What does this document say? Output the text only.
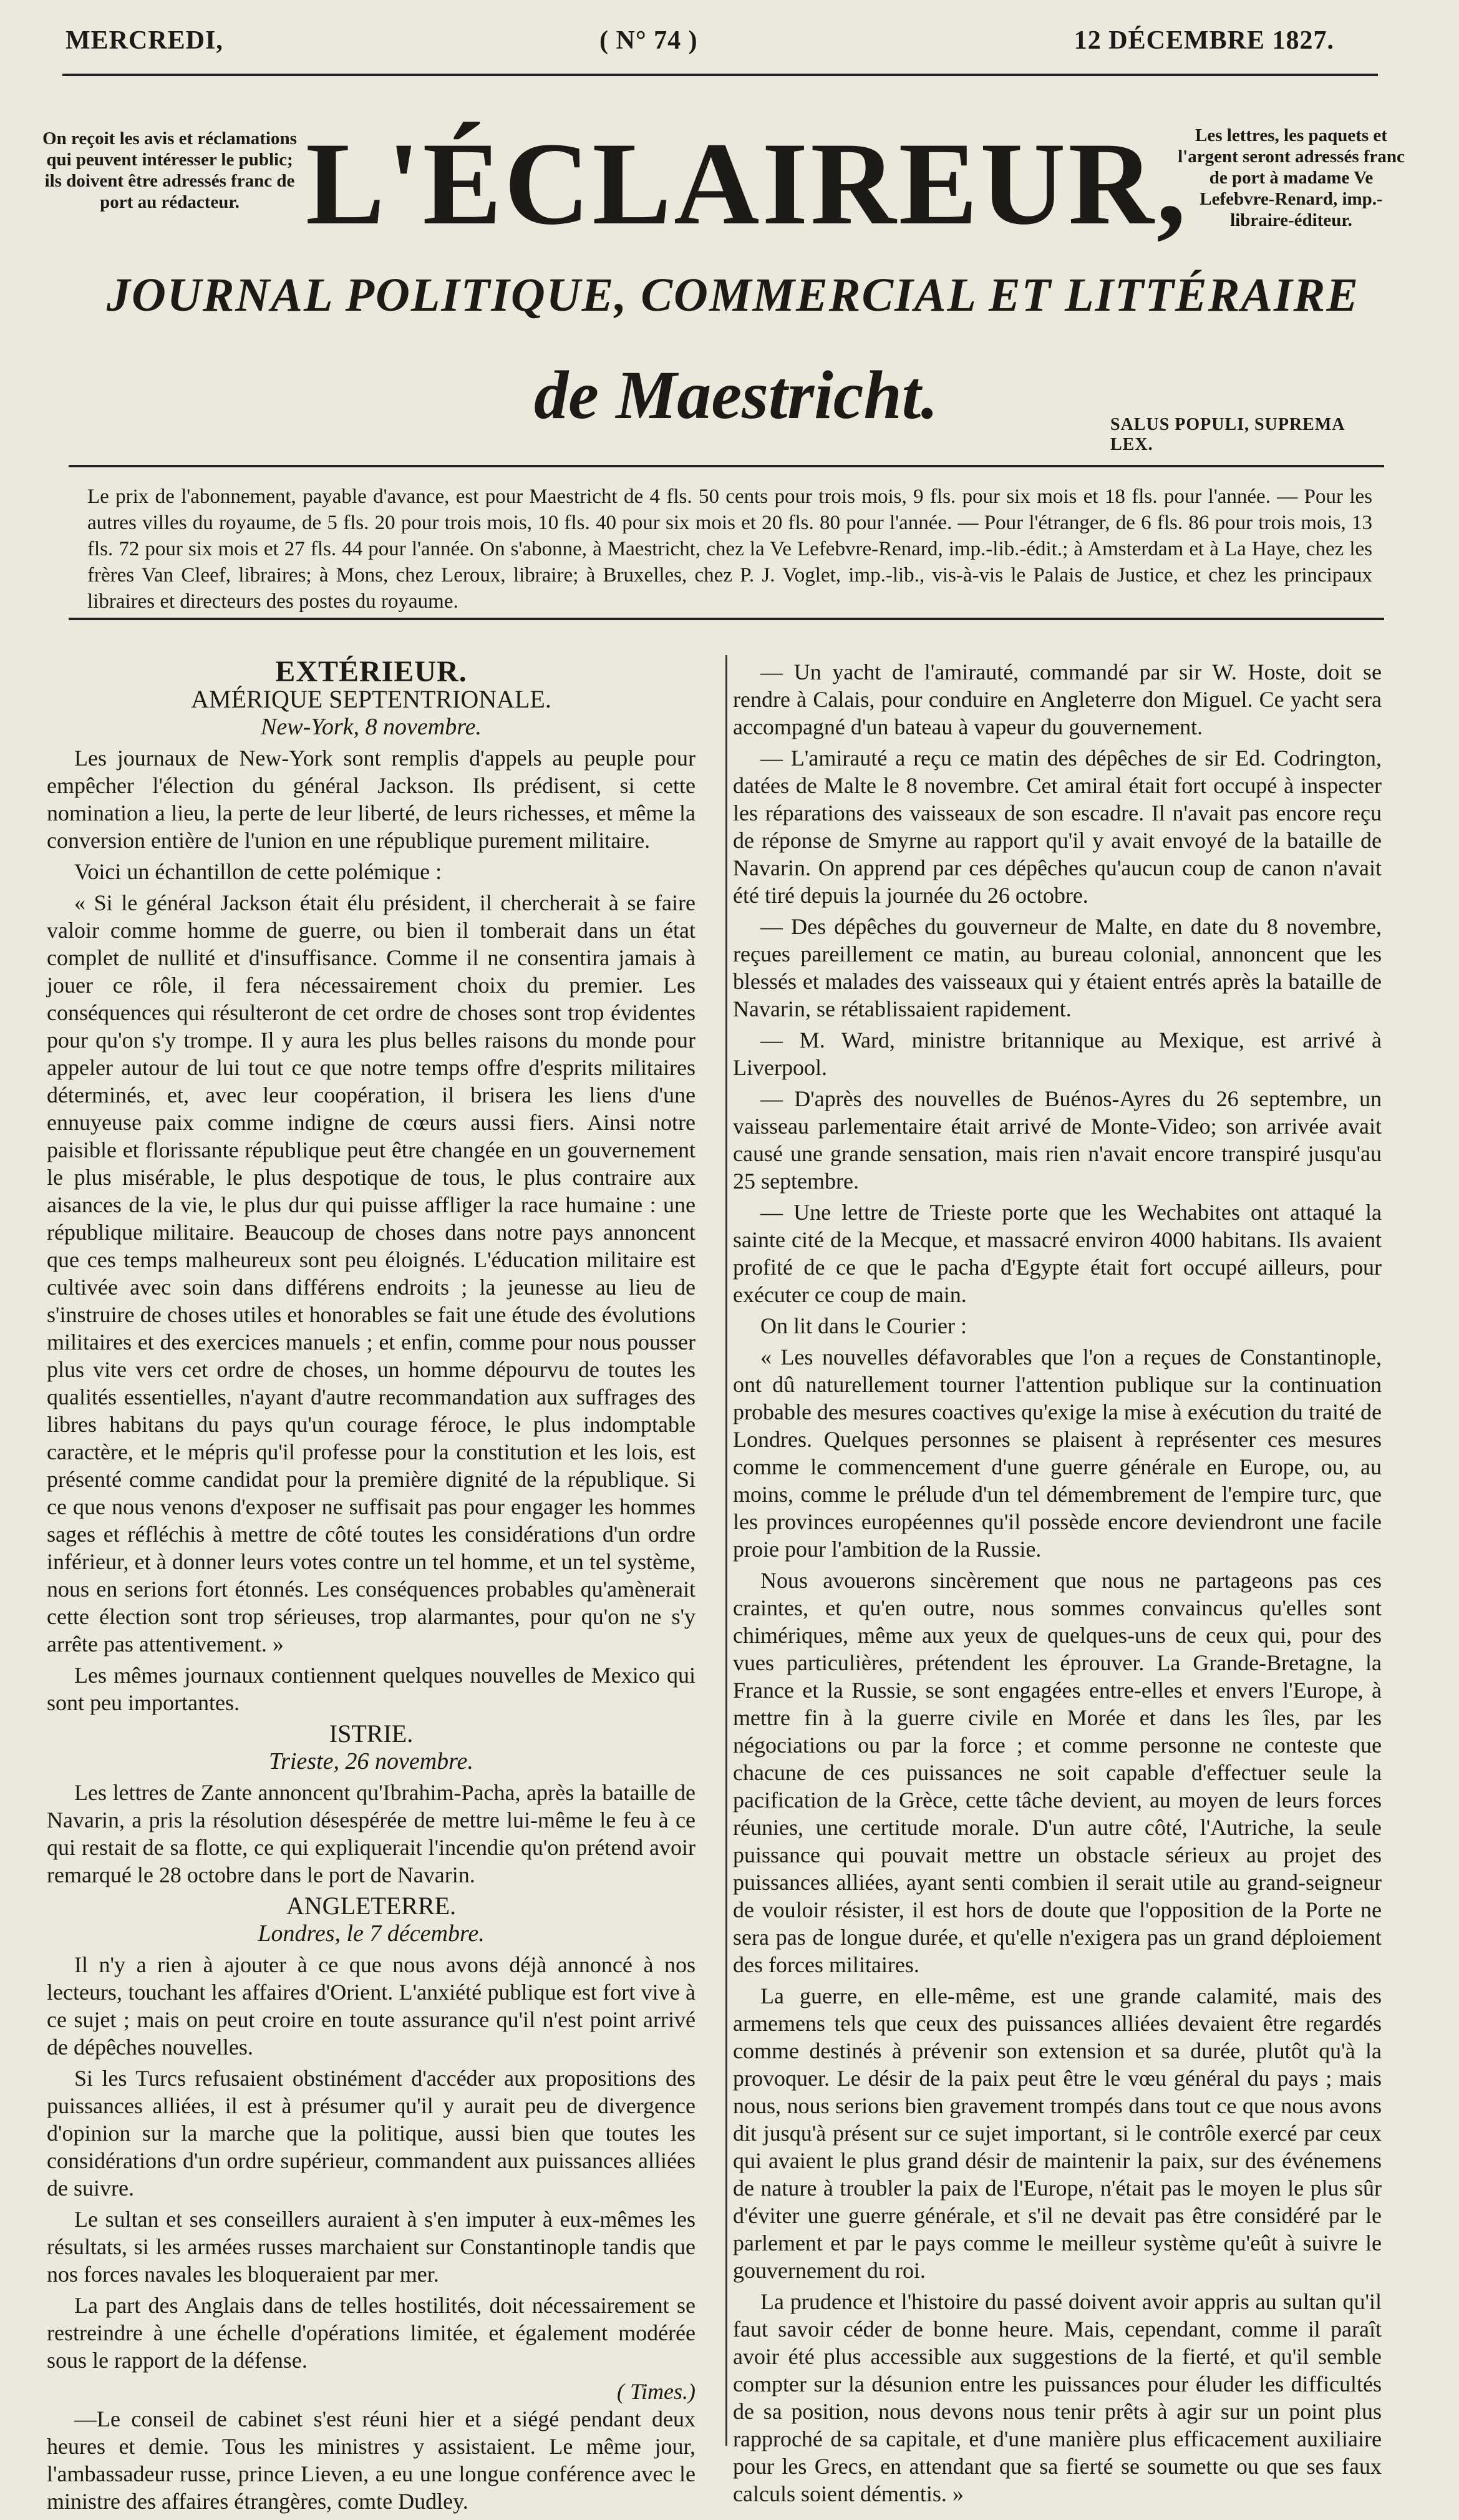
MERCREDI,	( N° 74 )	12 DÉCEMBRE 1827.
On reçoit les avis et réclamations qui peuvent intéresser le public; ils doivent être adressés franc de port au rédacteur. L'ÉCLAIREUR, Les lettres, les paquets et l'argent seront adressés franc de port à madame Ve Lefebvre-Renard, imp.-libraire-éditeur.
JOURNAL POLITIQUE, COMMERCIAL ET LITTÉRAIRE
de Maestricht.	SALUS POPULI, SUPREMA LEX.
Le prix de l'abonnement, payable d'avance, est pour Maestricht de 4 fls. 50 cents pour trois mois, 9 fls. pour six mois et 18 fls. pour l'année. — Pour les autres villes du royaume, de 5 fls. 20 pour trois mois, 10 fls. 40 pour six mois et 20 fls. 80 pour l'année. — Pour l'étranger, de 6 fls. 86 pour trois mois, 13 fls. 72 pour six mois et 27 fls. 44 pour l'année. On s'abonne, à Maestricht, chez la Ve Lefebvre-Renard, imp.-lib.-édit.; à Amsterdam et à La Haye, chez les frères Van Cleef, libraires; à Mons, chez Leroux, libraire; à Bruxelles, chez P. J. Voglet, imp.-lib., vis-à-vis le Palais de Justice, et chez les principaux libraires et directeurs des postes du royaume.
EXTÉRIEUR.
AMÉRIQUE SEPTENTRIONALE.
New-York, 8 novembre.

Les journaux de New-York sont remplis d'appels au peuple pour empêcher l'élection du général Jackson. Ils prédisent, si cette nomination a lieu, la perte de leur liberté, de leurs richesses, et même la conversion entière de l'union en une république purement militaire.

Voici un échantillon de cette polémique :

« Si le général Jackson était élu président, il chercherait à se faire valoir comme homme de guerre, ou bien il tomberait dans un état complet de nullité et d'insuffisance. Comme il ne consentira jamais à jouer ce rôle, il fera nécessairement choix du premier. Les conséquences qui résulteront de cet ordre de choses sont trop évidentes pour qu'on s'y trompe. Il y aura les plus belles raisons du monde pour appeler autour de lui tout ce que notre temps offre d'esprits militaires déterminés, et, avec leur coopération, il brisera les liens d'une ennuyeuse paix comme indigne de cœurs aussi fiers. Ainsi notre paisible et florissante république peut être changée en un gouvernement le plus misérable, le plus despotique de tous, le plus contraire aux aisances de la vie, le plus dur qui puisse affliger la race humaine : une république militaire. Beaucoup de choses dans notre pays annoncent que ces temps malheureux sont peu éloignés. L'éducation militaire est cultivée avec soin dans différens endroits ; la jeunesse au lieu de s'instruire de choses utiles et honorables se fait une étude des évolutions militaires et des exercices manuels ; et enfin, comme pour nous pousser plus vite vers cet ordre de choses, un homme dépourvu de toutes les qualités essentielles, n'ayant d'autre recommandation aux suffrages des libres habitans du pays qu'un courage féroce, le plus indomptable caractère, et le mépris qu'il professe pour la constitution et les lois, est présenté comme candidat pour la première dignité de la république. Si ce que nous venons d'exposer ne suffisait pas pour engager les hommes sages et réfléchis à mettre de côté toutes les considérations d'un ordre inférieur, et à donner leurs votes contre un tel homme, et un tel système, nous en serions fort étonnés. Les conséquences probables qu'amènerait cette élection sont trop sérieuses, trop alarmantes, pour qu'on ne s'y arrête pas attentivement. »

Les mêmes journaux contiennent quelques nouvelles de Mexico qui sont peu importantes.

ISTRIE.
Trieste, 26 novembre.

Les lettres de Zante annoncent qu'Ibrahim-Pacha, après la bataille de Navarin, a pris la résolution désespérée de mettre lui-même le feu à ce qui restait de sa flotte, ce qui expliquerait l'incendie qu'on prétend avoir remarqué le 28 octobre dans le port de Navarin.

ANGLETERRE.
Londres, le 7 décembre.

Il n'y a rien à ajouter à ce que nous avons déjà annoncé à nos lecteurs, touchant les affaires d'Orient. L'anxiété publique est fort vive à ce sujet ; mais on peut croire en toute assurance qu'il n'est point arrivé de dépêches nouvelles.

Si les Turcs refusaient obstinément d'accéder aux propositions des puissances alliées, il est à présumer qu'il y aurait peu de divergence d'opinion sur la marche que la politique, aussi bien que toutes les considérations d'un ordre supérieur, commandent aux puissances alliées de suivre.

Le sultan et ses conseillers auraient à s'en imputer à eux-mêmes les résultats, si les armées russes marchaient sur Constantinople tandis que nos forces navales les bloqueraient par mer.

La part des Anglais dans de telles hostilités, doit nécessairement se restreindre à une échelle d'opérations limitée, et également modérée sous le rapport de la défense.

( Times.)

—Le conseil de cabinet s'est réuni hier et a siégé pendant deux heures et demie. Tous les ministres y assistaient. Le même jour, l'ambassadeur russe, prince Lieven, a eu une longue conférence avec le ministre des affaires étrangères, comte Dudley.

— Un yacht de l'amirauté, commandé par sir W. Hoste, doit se rendre à Calais, pour conduire en Angleterre don Miguel. Ce yacht sera accompagné d'un bateau à vapeur du gouvernement.

— L'amirauté a reçu ce matin des dépêches de sir Ed. Codrington, datées de Malte le 8 novembre. Cet amiral était fort occupé à inspecter les réparations des vaisseaux de son escadre. Il n'avait pas encore reçu de réponse de Smyrne au rapport qu'il y avait envoyé de la bataille de Navarin. On apprend par ces dépêches qu'aucun coup de canon n'avait été tiré depuis la journée du 26 octobre.

— Des dépêches du gouverneur de Malte, en date du 8 novembre, reçues pareillement ce matin, au bureau colonial, annoncent que les blessés et malades des vaisseaux qui y étaient entrés après la bataille de Navarin, se rétablissaient rapidement.

— M. Ward, ministre britannique au Mexique, est arrivé à Liverpool.

— D'après des nouvelles de Buénos-Ayres du 26 septembre, un vaisseau parlementaire était arrivé de Monte-Video; son arrivée avait causé une grande sensation, mais rien n'avait encore transpiré jusqu'au 25 septembre.

— Une lettre de Trieste porte que les Wechabites ont attaqué la sainte cité de la Mecque, et massacré environ 4000 habitans. Ils avaient profité de ce que le pacha d'Egypte était fort occupé ailleurs, pour exécuter ce coup de main.

On lit dans le Courier :

« Les nouvelles défavorables que l'on a reçues de Constantinople, ont dû naturellement tourner l'attention publique sur la continuation probable des mesures coactives qu'exige la mise à exécution du traité de Londres. Quelques personnes se plaisent à représenter ces mesures comme le commencement d'une guerre générale en Europe, ou, au moins, comme le prélude d'un tel démembrement de l'empire turc, que les provinces européennes qu'il possède encore deviendront une facile proie pour l'ambition de la Russie.

Nous avouerons sincèrement que nous ne partageons pas ces craintes, et qu'en outre, nous sommes convaincus qu'elles sont chimériques, même aux yeux de quelques-uns de ceux qui, pour des vues particulières, prétendent les éprouver. La Grande-Bretagne, la France et la Russie, se sont engagées entre-elles et envers l'Europe, à mettre fin à la guerre civile en Morée et dans les îles, par les négociations ou par la force ; et comme personne ne conteste que chacune de ces puissances ne soit capable d'effectuer seule la pacification de la Grèce, cette tâche devient, au moyen de leurs forces réunies, une certitude morale. D'un autre côté, l'Autriche, la seule puissance qui pouvait mettre un obstacle sérieux au projet des puissances alliées, ayant senti combien il serait utile au grand-seigneur de vouloir résister, il est hors de doute que l'opposition de la Porte ne sera pas de longue durée, et qu'elle n'exigera pas un grand déploiement des forces militaires.

La guerre, en elle-même, est une grande calamité, mais des armemens tels que ceux des puissances alliées devaient être regardés comme destinés à prévenir son extension et sa durée, plutôt qu'à la provoquer. Le désir de la paix peut être le vœu général du pays ; mais nous, nous serions bien gravement trompés dans tout ce que nous avons dit jusqu'à présent sur ce sujet important, si le contrôle exercé par ceux qui avaient le plus grand désir de maintenir la paix, sur des événemens de nature à troubler la paix de l'Europe, n'était pas le moyen le plus sûr d'éviter une guerre générale, et s'il ne devait pas être considéré par le parlement et par le pays comme le meilleur système qu'eût à suivre le gouvernement du roi.

La prudence et l'histoire du passé doivent avoir appris au sultan qu'il faut savoir céder de bonne heure. Mais, cependant, comme il paraît avoir été plus accessible aux suggestions de la fierté, et qu'il semble compter sur la désunion entre les puissances pour éluder les difficultés de sa position, nous devons nous tenir prêts à agir sur un point plus rapproché de sa capitale, et d'une manière plus efficacement auxiliaire pour les Grecs, en attendant que sa fierté se soumette ou que ses faux calculs soient démentis. »
